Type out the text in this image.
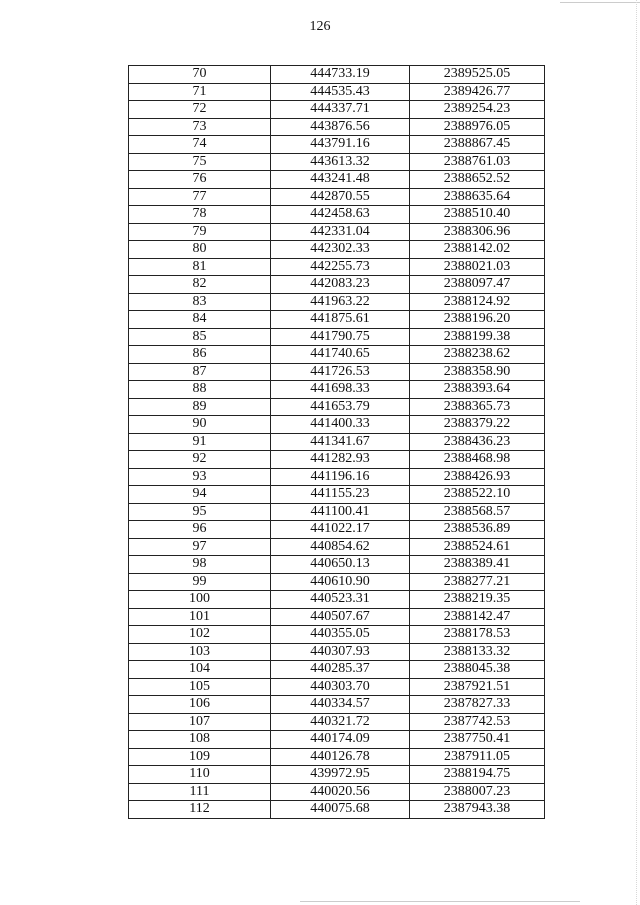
126
70	444733.19	2389525.05
71	444535.43	2389426.77
72	444337.71	2389254.23
73	443876.56	2388976.05
74	443791.16	2388867.45
75	443613.32	2388761.03
76	443241.48	2388652.52
77	442870.55	2388635.64
78	442458.63	2388510.40
79	442331.04	2388306.96
80	442302.33	2388142.02
81	442255.73	2388021.03
82	442083.23	2388097.47
83	441963.22	2388124.92
84	441875.61	2388196.20
85	441790.75	2388199.38
86	441740.65	2388238.62
87	441726.53	2388358.90
88	441698.33	2388393.64
89	441653.79	2388365.73
90	441400.33	2388379.22
91	441341.67	2388436.23
92	441282.93	2388468.98
93	441196.16	2388426.93
94	441155.23	2388522.10
95	441100.41	2388568.57
96	441022.17	2388536.89
97	440854.62	2388524.61
98	440650.13	2388389.41
99	440610.90	2388277.21
100	440523.31	2388219.35
101	440507.67	2388142.47
102	440355.05	2388178.53
103	440307.93	2388133.32
104	440285.37	2388045.38
105	440303.70	2387921.51
106	440334.57	2387827.33
107	440321.72	2387742.53
108	440174.09	2387750.41
109	440126.78	2387911.05
110	439972.95	2388194.75
111	440020.56	2388007.23
112	440075.68	2387943.38
